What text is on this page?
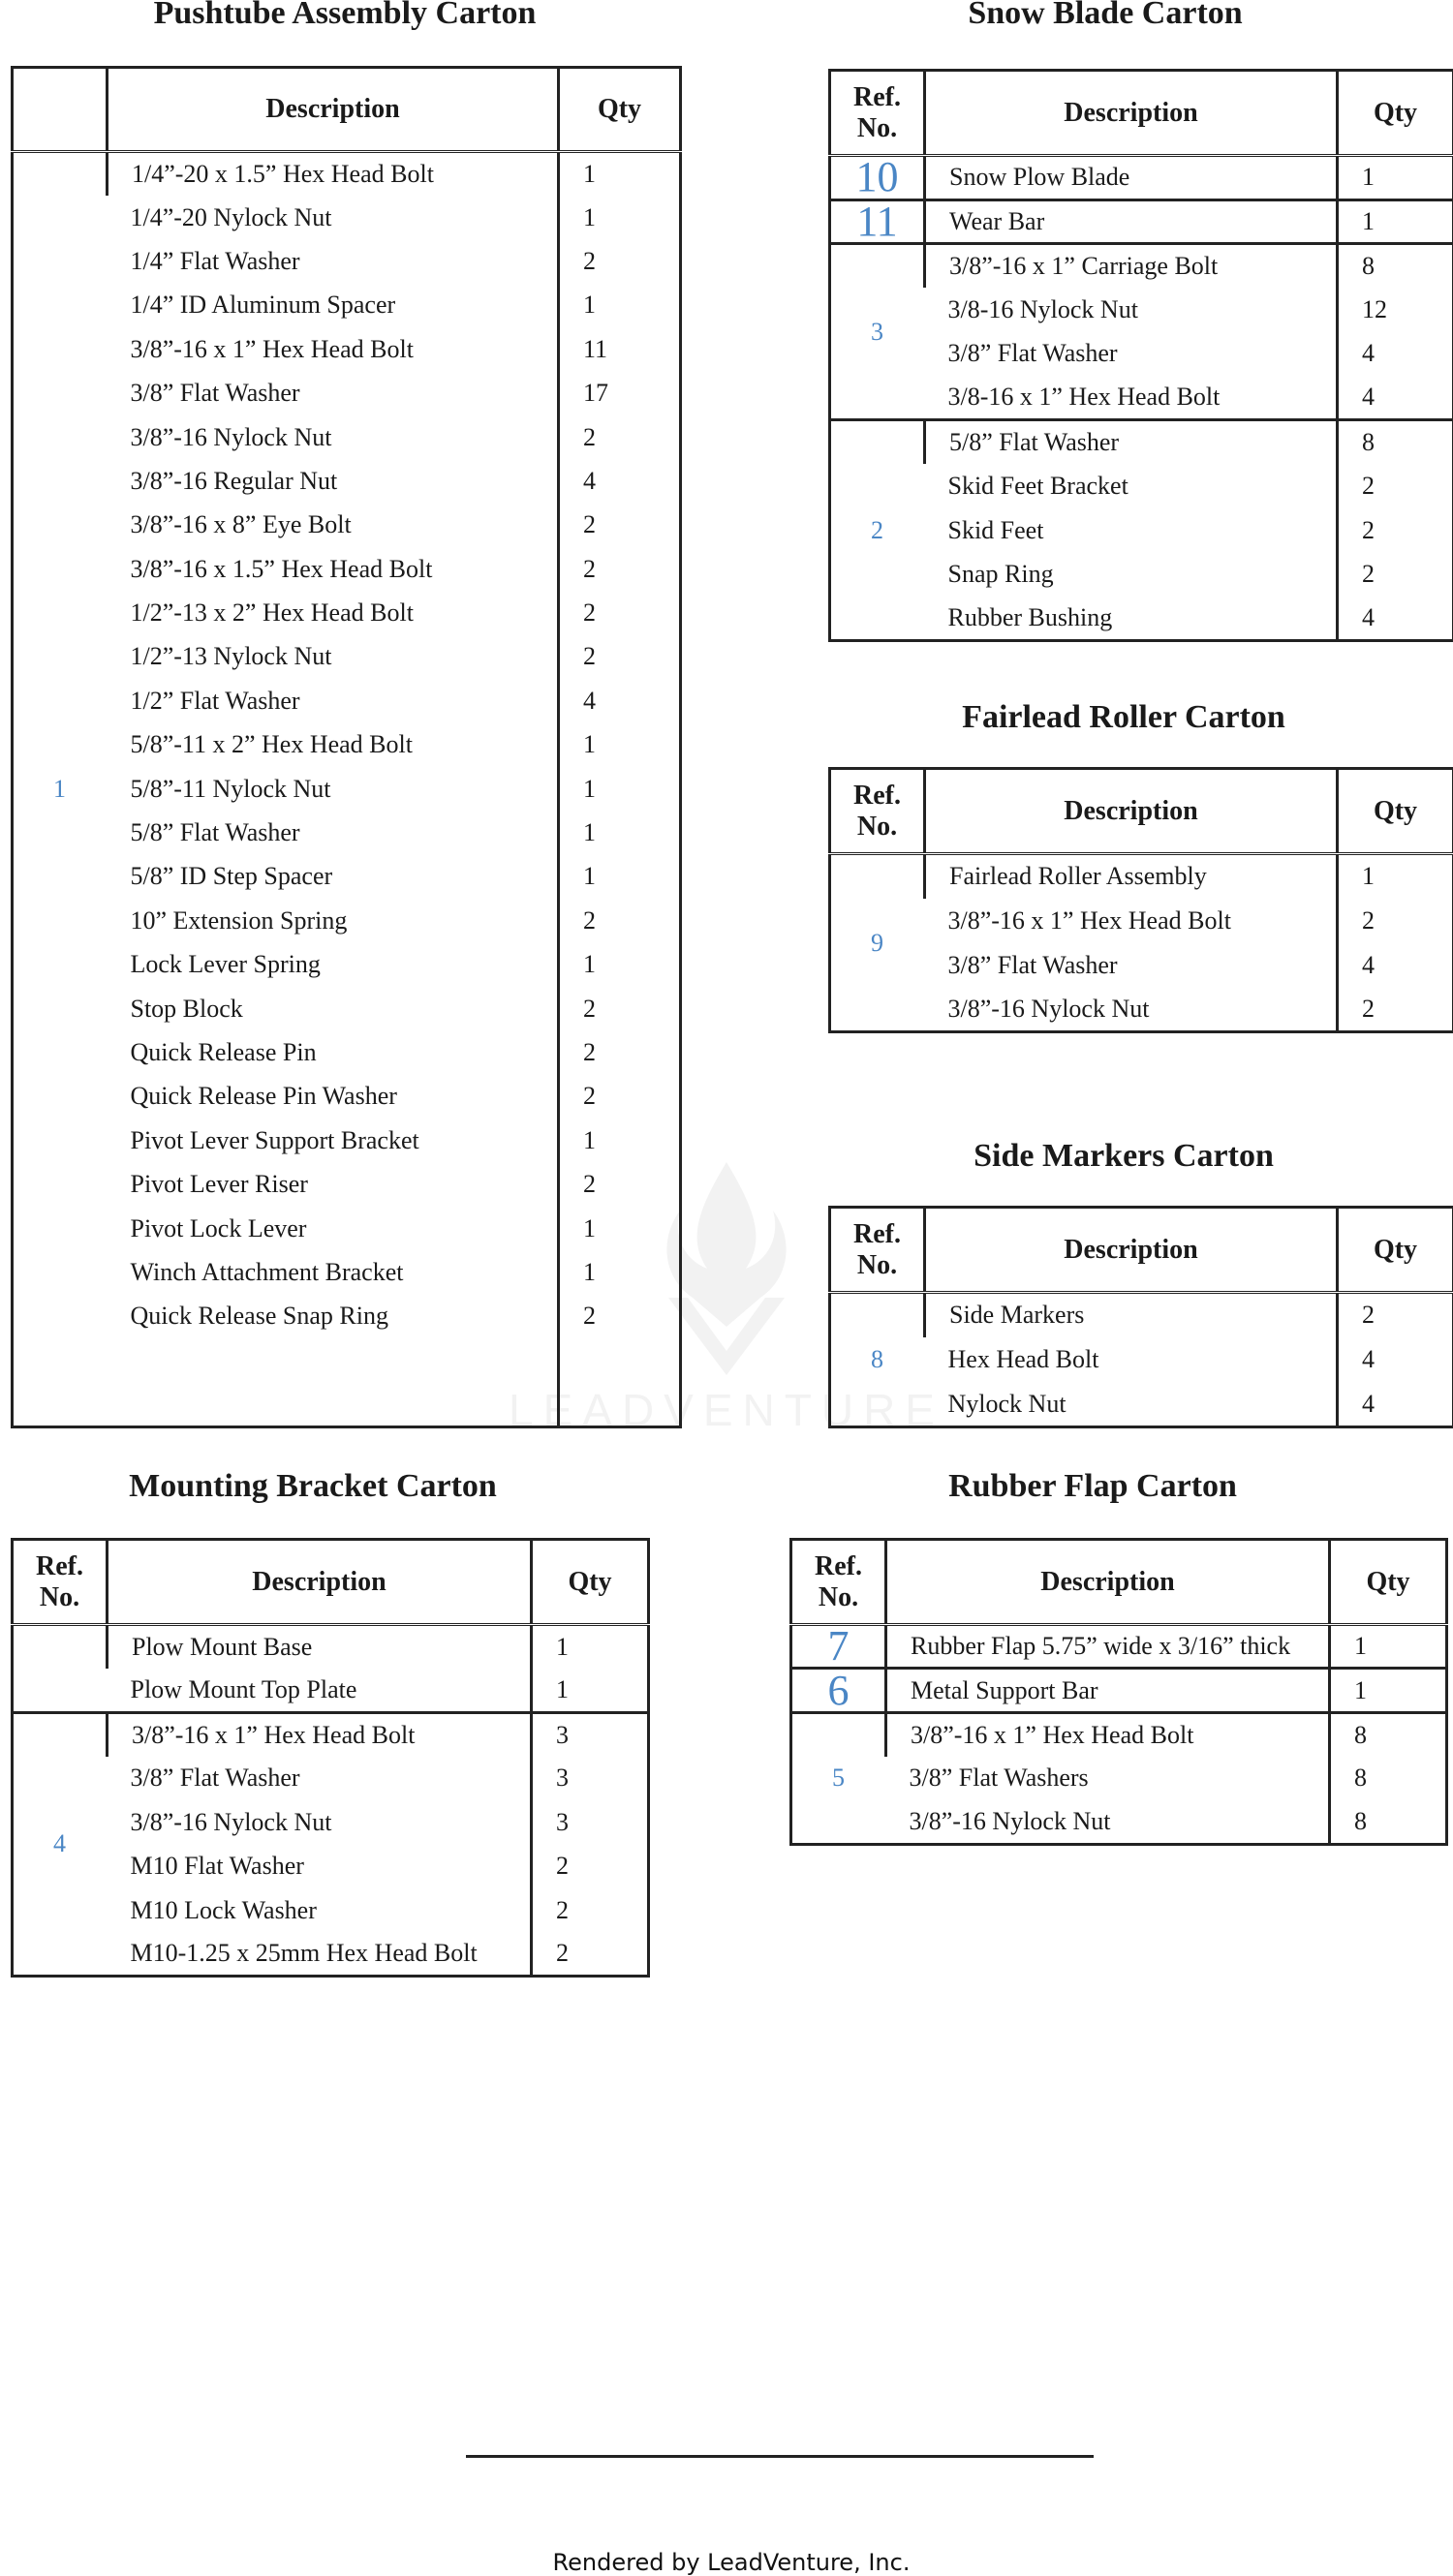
LEADVENTURE
Pushtube Assembly Carton
	Description	Qty
1	1/4”-20 x 1.5” Hex Head Bolt	1
	1/4”-20 Nylock Nut	1
	1/4” Flat Washer	2
	1/4” ID Aluminum Spacer	1
	3/8”-16 x 1” Hex Head Bolt	11
	3/8” Flat Washer	17
	3/8”-16 Nylock Nut	2
	3/8”-16 Regular Nut	4
	3/8”-16 x 8” Eye Bolt	2
	3/8”-16 x 1.5” Hex Head Bolt	2
	1/2”-13 x 2” Hex Head Bolt	2
	1/2”-13 Nylock Nut	2
	1/2” Flat Washer	4
	5/8”-11 x 2” Hex Head Bolt	1
	5/8”-11 Nylock Nut	1
	5/8” Flat Washer	1
	5/8” ID Step Spacer	1
	10” Extension Spring	2
	Lock Lever Spring	1
	Stop Block	2
	Quick Release Pin	2
	Quick Release Pin Washer	2
	Pivot Lever Support Bracket	1
	Pivot Lever Riser	2
	Pivot Lock Lever	1
	Winch Attachment Bracket	1
	Quick Release Snap Ring	2

Snow Blade Carton
Ref.
No.	Description	Qty
10	Snow Plow Blade	1
11	Wear Bar	1
3	3/8”-16 x 1” Carriage Bolt	8
	3/8-16 Nylock Nut	12
	3/8” Flat Washer	4
	3/8-16 x 1” Hex Head Bolt	4
2	5/8” Flat Washer	8
	Skid Feet Bracket	2
	Skid Feet	2
	Snap Ring	2
	Rubber Bushing	4
Fairlead Roller Carton
Ref.
No.	Description	Qty
9	Fairlead Roller Assembly	1
	3/8”-16 x 1” Hex Head Bolt	2
	3/8” Flat Washer	4
	3/8”-16 Nylock Nut	2
Side Markers Carton
Ref.
No.	Description	Qty
8	Side Markers	2
	Hex Head Bolt	4
	Nylock Nut	4
Mounting Bracket Carton
Ref.
No.	Description	Qty
	Plow Mount Base	1
	Plow Mount Top Plate	1
4	3/8”-16 x 1” Hex Head Bolt	3
	3/8” Flat Washer	3
	3/8”-16 Nylock Nut	3
	M10 Flat Washer	2
	M10 Lock Washer	2
	M10-1.25 x 25mm Hex Head Bolt	2
Rubber Flap Carton
Ref.
No.	Description	Qty
7	Rubber Flap 5.75” wide x 3/16” thick	1
6	Metal Support Bar	1
5	3/8”-16 x 1” Hex Head Bolt	8
	3/8” Flat Washers	8
	3/8”-16 Nylock Nut	8
Rendered by LeadVenture, Inc.
